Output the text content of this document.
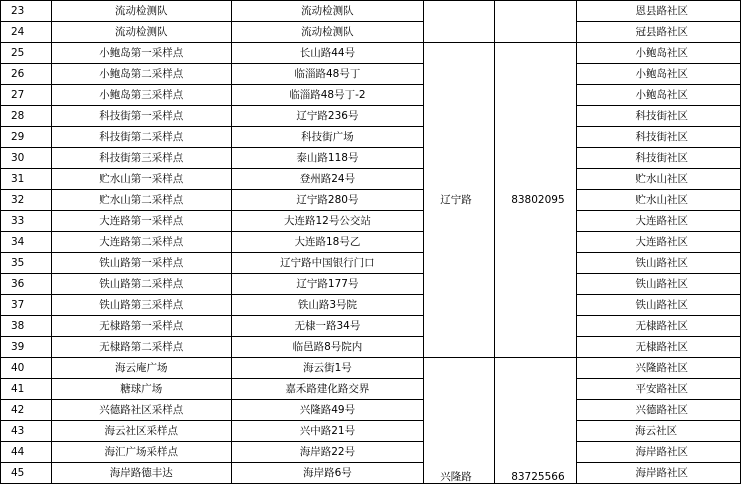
23	流动检测队	流动检测队			恩县路社区
24	流动检测队	流动检测队			冠县路社区
25	小鲍岛第一采样点	长山路44号	辽宁路	83802095	小鲍岛社区
26	小鲍岛第二采样点	临淄路48号丁			小鲍岛社区
27	小鲍岛第三采样点	临淄路48号丁-2			小鲍岛社区
28	科技街第一采样点	辽宁路236号			科技街社区
29	科技街第二采样点	科技街广场			科技街社区
30	科技街第三采样点	泰山路118号			科技街社区
31	贮水山第一采样点	登州路24号			贮水山社区
32	贮水山第二采样点	辽宁路280号			贮水山社区
33	大连路第一采样点	大连路12号公交站			大连路社区
34	大连路第二采样点	大连路18号乙			大连路社区
35	铁山路第一采样点	辽宁路中国银行门口			铁山路社区
36	铁山路第二采样点	辽宁路177号			铁山路社区
37	铁山路第三采样点	铁山路3号院			铁山路社区
38	无棣路第一采样点	无棣一路34号			无棣路社区
39	无棣路第二采样点	临邑路8号院内			无棣路社区
40	海云庵广场	海云街1号	兴隆路	83725566	兴隆路社区
41	糖球广场	嘉禾路建化路交界			平安路社区
42	兴德路社区采样点	兴隆路49号			兴德路社区
43	海云社区采样点	兴中路21号			海云社区
44	海汇广场采样点	海岸路22号			海岸路社区
45	海岸路德丰达	海岸路6号			海岸路社区
